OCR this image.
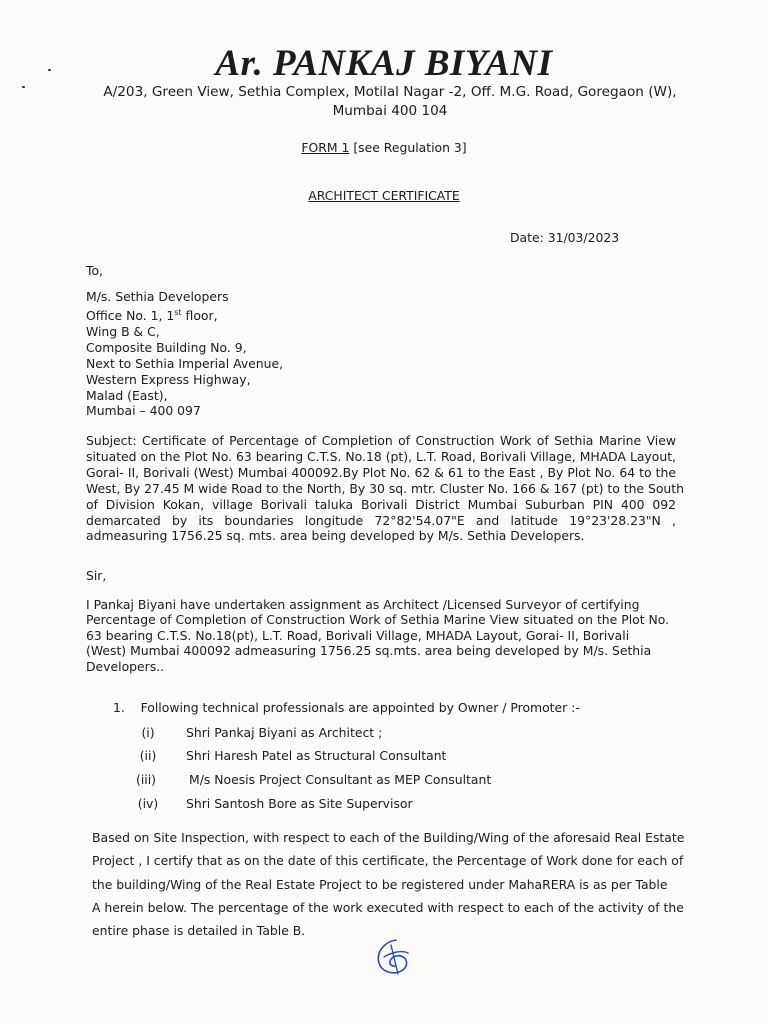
Ar. PANKAJ BIYANI
A/203, Green View, Sethia Complex, Motilal Nagar -2, Off. M.G. Road, Goregaon (W),
Mumbai 400 104
FORM 1 [see Regulation 3]
ARCHITECT CERTIFICATE
Date: 31/03/2023
To,
M/s. Sethia Developers
Office No. 1, 1st floor,
Wing B & C,
Composite Building No. 9,
Next to Sethia Imperial Avenue,
Western Express Highway,
Malad (East),
Mumbai – 400 097
Subject: Certificate of Percentage of Completion of Construction Work of Sethia Marine View
situated on the Plot No. 63 bearing C.T.S. No.18 (pt), L.T. Road, Borivali Village, MHADA Layout,
Gorai- II, Borivali (West) Mumbai 400092.By Plot No. 62 & 61 to the East , By Plot No. 64 to the
West, By 27.45 M wide Road to the North, By 30 sq. mtr. Cluster No. 166 & 167 (pt) to the South
of Division Kokan, village Borivali taluka Borivali District Mumbai Suburban PIN 400 092
demarcated by its boundaries longitude 72°82'54.07"E and latitude 19°23'28.23"N ,
admeasuring 1756.25 sq. mts. area being developed by M/s. Sethia Developers.
Sir,
I Pankaj Biyani have undertaken assignment as Architect /Licensed Surveyor of certifying
Percentage of Completion of Construction Work of Sethia Marine View situated on the Plot No.
63 bearing C.T.S. No.18(pt), L.T. Road, Borivali Village, MHADA Layout, Gorai- II, Borivali
(West) Mumbai 400092 admeasuring 1756.25 sq.mts. area being developed by M/s. Sethia
Developers..
1. Following technical professionals are appointed by Owner / Promoter :-
(i)	Shri Pankaj Biyani as Architect ;
(ii)	Shri Haresh Patel as Structural Consultant
(iii)	M/s Noesis Project Consultant as MEP Consultant
(iv)	Shri Santosh Bore as Site Supervisor
Based on Site Inspection, with respect to each of the Building/Wing of the aforesaid Real Estate
Project , I certify that as on the date of this certificate, the Percentage of Work done for each of
the building/Wing of the Real Estate Project to be registered under MahaRERA is as per Table
A herein below. The percentage of the work executed with respect to each of the activity of the
entire phase is detailed in Table B.
